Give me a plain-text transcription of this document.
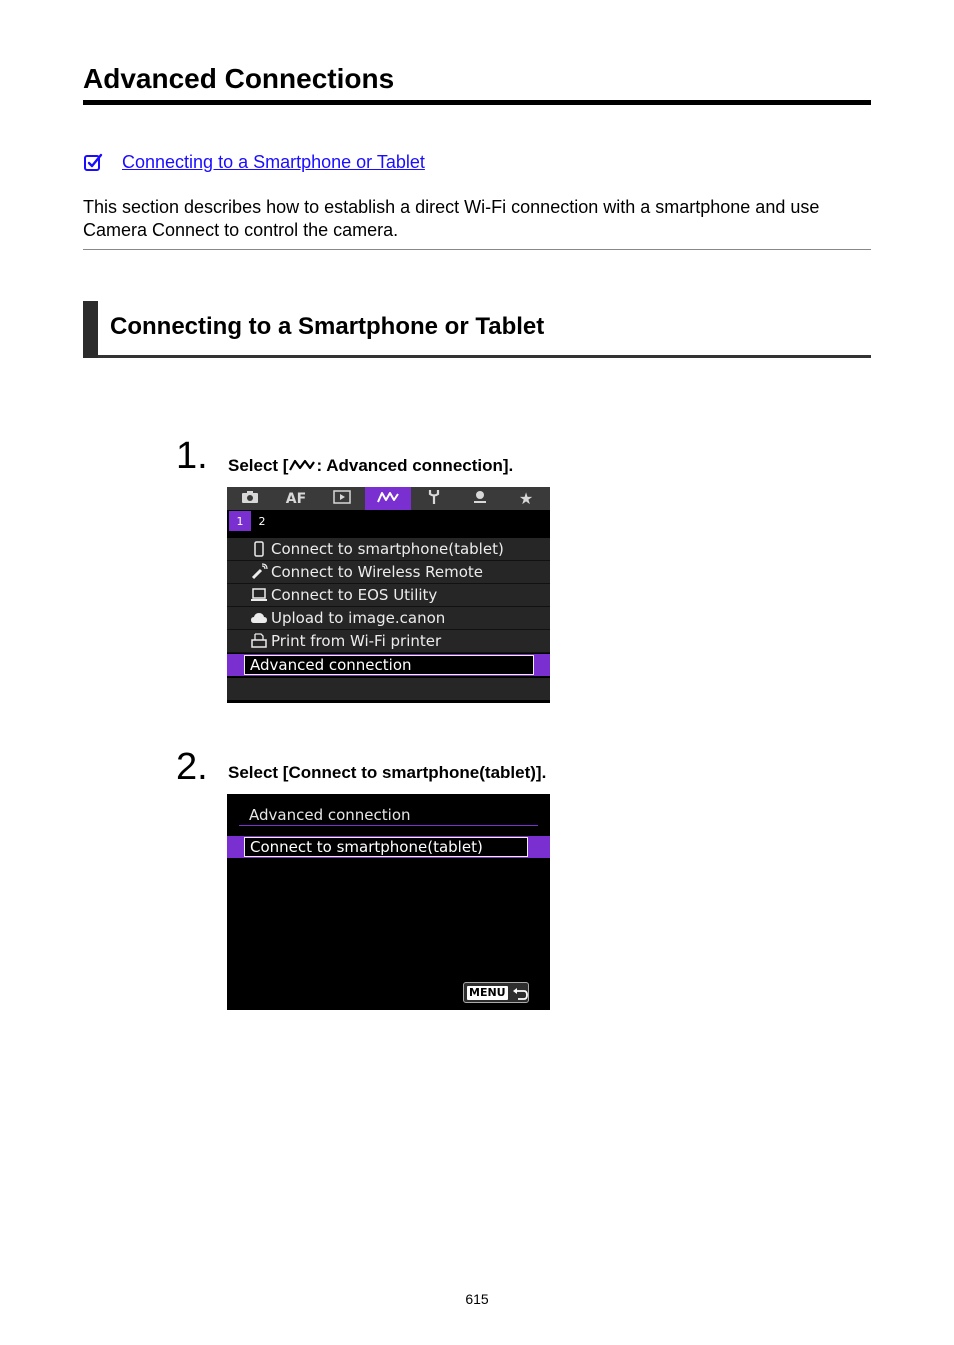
Advanced Connections
Connecting to a Smartphone or Tablet

This section describes how to establish a direct Wi-Fi connection with a smartphone and use Camera Connect to control the camera.

Connecting to a Smartphone or Tablet
1. Select [ : Advanced connection].
AF	★
1	2
Connect to smartphone(tablet)
Connect to Wireless Remote
Connect to EOS Utility
Upload to image.canon
Print from Wi-Fi printer
Advanced connection
2. Select [Connect to smartphone(tablet)].
Advanced connection
Connect to smartphone(tablet)
MENU
615
